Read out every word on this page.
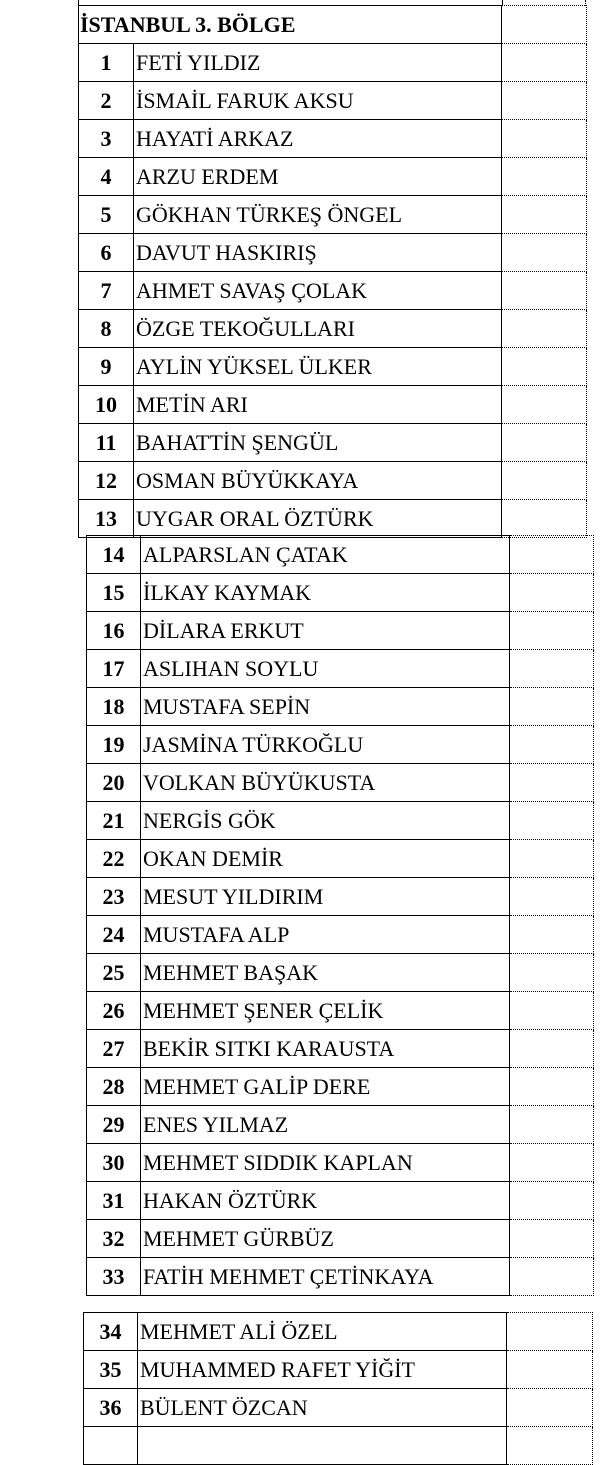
İSTANBUL 3. BÖLGE		
1	FETİ YILDIZ	
2	İSMAİL FARUK AKSU	
3	HAYATİ ARKAZ	
4	ARZU ERDEM	
5	GÖKHAN TÜRKEŞ ÖNGEL	
6	DAVUT HASKIRIŞ	
7	AHMET SAVAŞ ÇOLAK	
8	ÖZGE TEKOĞULLARI	
9	AYLİN YÜKSEL ÜLKER	
10	METİN ARI	
11	BAHATTİN ŞENGÜL	
12	OSMAN BÜYÜKKAYA	
13	UYGAR ORAL ÖZTÜRK	
14	ALPARSLAN ÇATAK	
15	İLKAY KAYMAK	
16	DİLARA ERKUT	
17	ASLIHAN SOYLU	
18	MUSTAFA SEPİN	
19	JASMİNA TÜRKOĞLU	
20	VOLKAN BÜYÜKUSTA	
21	NERGİS GÖK	
22	OKAN DEMİR	
23	MESUT YILDIRIM	
24	MUSTAFA ALP	
25	MEHMET BAŞAK	
26	MEHMET ŞENER ÇELİK	
27	BEKİR SITKI KARAUSTA	
28	MEHMET GALİP DERE	
29	ENES YILMAZ	
30	MEHMET SIDDIK KAPLAN	
31	HAKAN ÖZTÜRK	
32	MEHMET GÜRBÜZ	
33	FATİH MEHMET ÇETİNKAYA	
34	MEHMET ALİ ÖZEL	
35	MUHAMMED RAFET YİĞİT	
36	BÜLENT ÖZCAN	
